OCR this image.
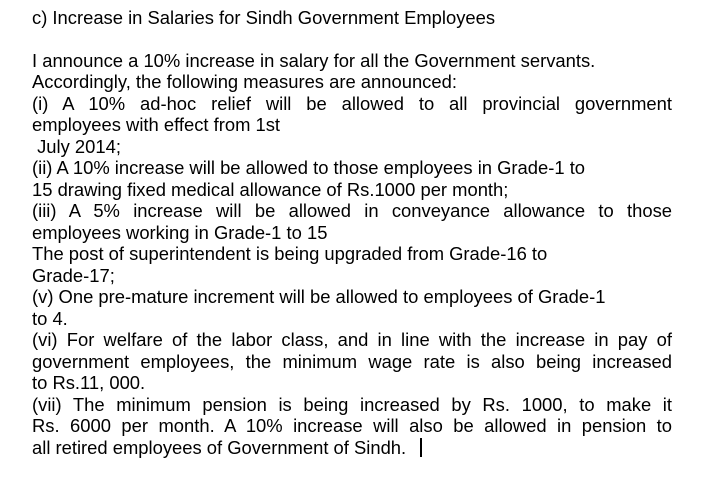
c) Increase in Salaries for Sindh Government Employees
I announce a 10% increase in salary for all the Government servants.
Accordingly, the following measures are announced:
(i) A 10% ad-hoc relief will be allowed to all provincial government
employees with effect from 1st
July 2014;
(ii) A 10% increase will be allowed to those employees in Grade-1 to
15 drawing fixed medical allowance of Rs.1000 per month;
(iii) A 5% increase will be allowed in conveyance allowance to those
employees working in Grade-1 to 15
The post of superintendent is being upgraded from Grade-16 to
Grade-17;
(v) One pre-mature increment will be allowed to employees of Grade-1
to 4.
(vi) For welfare of the labor class, and in line with the increase in pay of
government employees, the minimum wage rate is also being increased
to Rs.11, 000.
(vii) The minimum pension is being increased by Rs. 1000, to make it
Rs. 6000 per month. A 10% increase will also be allowed in pension to
all retired employees of Government of Sindh.
